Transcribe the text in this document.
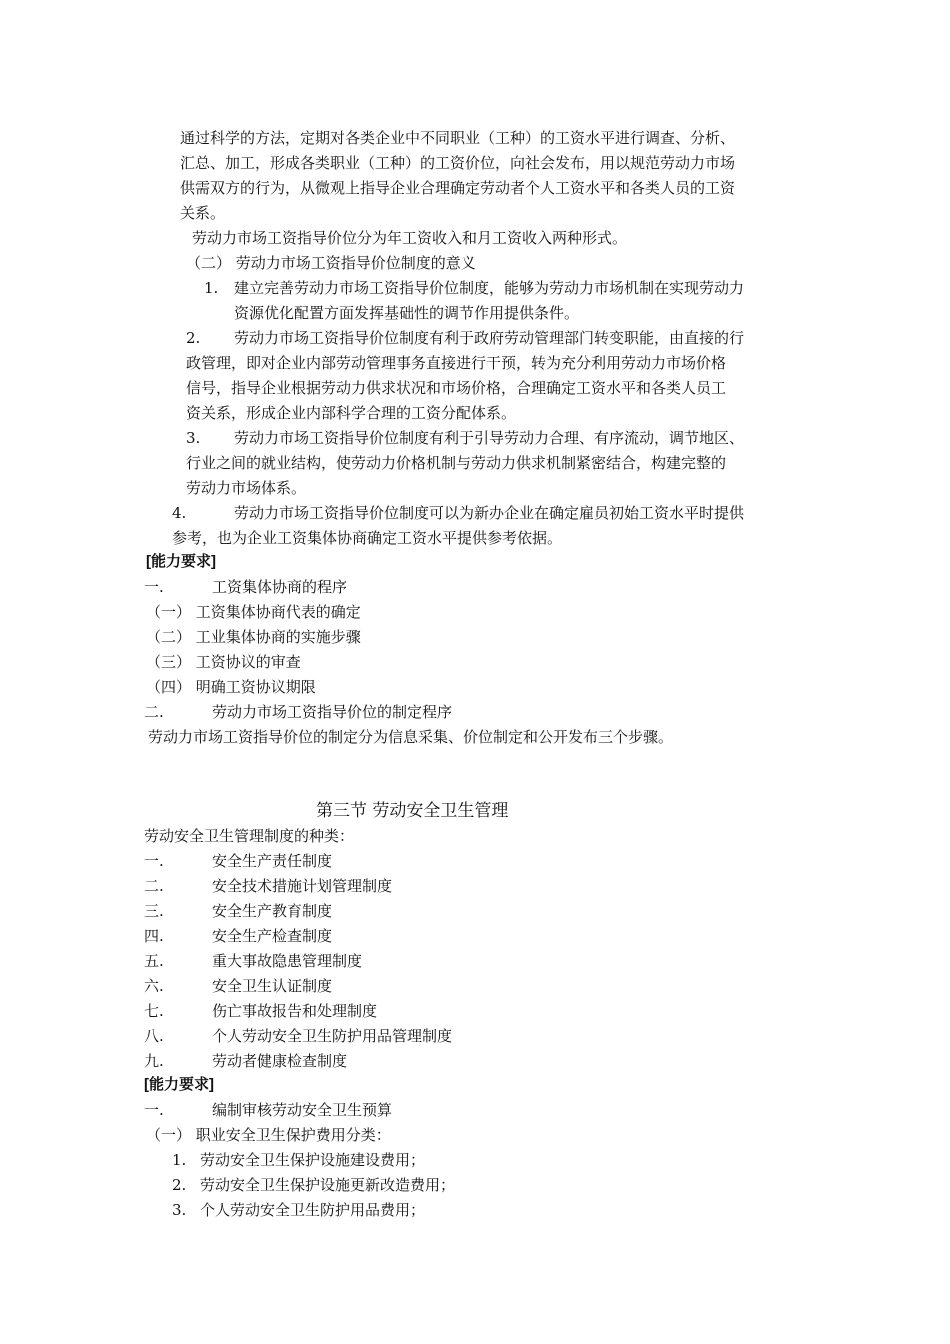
通过科学的方法，定期对各类企业中不同职业（工种）的工资水平进行调查、分析、
汇总、加工，形成各类职业（工种）的工资价位，向社会发布，用以规范劳动力市场
供需双方的行为，从微观上指导企业合理确定劳动者个人工资水平和各类人员的工资
关系。
劳动力市场工资指导价位分为年工资收入和月工资收入两种形式。
（二） 劳动力市场工资指导价位制度的意义
1. 建立完善劳动力市场工资指导价位制度，能够为劳动力市场机制在实现劳动力
资源优化配置方面发挥基础性的调节作用提供条件。
2. 劳动力市场工资指导价位制度有利于政府劳动管理部门转变职能，由直接的行
政管理，即对企业内部劳动管理事务直接进行干预，转为充分利用劳动力市场价格
信号，指导企业根据劳动力供求状况和市场价格，合理确定工资水平和各类人员工
资关系，形成企业内部科学合理的工资分配体系。
3. 劳动力市场工资指导价位制度有利于引导劳动力合理、有序流动，调节地区、
行业之间的就业结构，使劳动力价格机制与劳动力供求机制紧密结合，构建完整的
劳动力市场体系。
4.	劳动力市场工资指导价位制度可以为新办企业在确定雇员初始工资水平时提供
参考，也为企业工资集体协商确定工资水平提供参考依据。
[能力要求]
一.	工资集体协商的程序
（一） 工资集体协商代表的确定
（二） 工业集体协商的实施步骤
（三） 工资协议的审查
（四） 明确工资协议期限
二.	劳动力市场工资指导价位的制定程序
劳动力市场工资指导价位的制定分为信息采集、价位制定和公开发布三个步骤。
第三节 劳动安全卫生管理
劳动安全卫生管理制度的种类：
一.	安全生产责任制度
二.	安全技术措施计划管理制度
三.	安全生产教育制度
四.	安全生产检查制度
五.	重大事故隐患管理制度
六.	安全卫生认证制度
七.	伤亡事故报告和处理制度
八.	个人劳动安全卫生防护用品管理制度
九.	劳动者健康检查制度
[能力要求]
一.	编制审核劳动安全卫生预算
（一） 职业安全卫生保护费用分类：
1. 劳动安全卫生保护设施建设费用；
2. 劳动安全卫生保护设施更新改造费用；
3. 个人劳动安全卫生防护用品费用；
